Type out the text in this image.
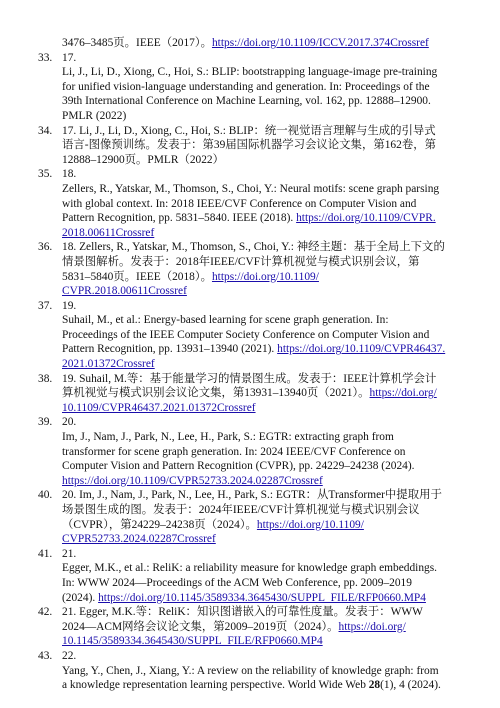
3476–3485页。IEEE（2017）。https://doi.org/10.1109/ICCV.2017.374Crossref
33. 17.
Li, J., Li, D., Xiong, C., Hoi, S.: BLIP: bootstrapping language-image pre-training
for unified vision-language understanding and generation. In: Proceedings of the
39th International Conference on Machine Learning, vol. 162, pp. 12888–12900.
PMLR (2022)
34. 17. Li, J., Li, D., Xiong, C., Hoi, S.: BLIP：统一视觉语言理解与生成的引导式
语言-图像预训练。发表于：第39届国际机器学习会议论文集，第162卷，第
12888–12900页。PMLR（2022）
35. 18.
Zellers, R., Yatskar, M., Thomson, S., Choi, Y.: Neural motifs: scene graph parsing
with global context. In: 2018 IEEE/CVF Conference on Computer Vision and
Pattern Recognition, pp. 5831–5840. IEEE (2018). https://doi.org/10.1109/CVPR.
2018.00611Crossref
36. 18. Zellers, R., Yatskar, M., Thomson, S., Choi, Y.: 神经主题：基于全局上下文的
情景图解析。发表于：2018年IEEE/CVF计算机视觉与模式识别会议，第
5831–5840页。IEEE（2018）。https://doi.org/10.1109/
CVPR.2018.00611Crossref
37. 19.
Suhail, M., et al.: Energy-based learning for scene graph generation. In:
Proceedings of the IEEE Computer Society Conference on Computer Vision and
Pattern Recognition, pp. 13931–13940 (2021). https://doi.org/10.1109/CVPR46437.
2021.01372Crossref
38. 19. Suhail, M.等：基于能量学习的情景图生成。发表于：IEEE计算机学会计
算机视觉与模式识别会议论文集，第13931–13940页（2021）。https://doi.org/
10.1109/CVPR46437.2021.01372Crossref
39. 20.
Im, J., Nam, J., Park, N., Lee, H., Park, S.: EGTR: extracting graph from
transformer for scene graph generation. In: 2024 IEEE/CVF Conference on
Computer Vision and Pattern Recognition (CVPR), pp. 24229–24238 (2024).
https://doi.org/10.1109/CVPR52733.2024.02287Crossref
40. 20. Im, J., Nam, J., Park, N., Lee, H., Park, S.: EGTR：从Transformer中提取用于
场景图生成的图。发表于：2024年IEEE/CVF计算机视觉与模式识别会议
（CVPR），第24229–24238页（2024）。https://doi.org/10.1109/
CVPR52733.2024.02287Crossref
41. 21.
Egger, M.K., et al.: ReliK: a reliability measure for knowledge graph embeddings.
In: WWW 2024—Proceedings of the ACM Web Conference, pp. 2009–2019
(2024). https://doi.org/10.1145/3589334.3645430/SUPPL_FILE/RFP0660.MP4
42. 21. Egger, M.K.等：ReliK：知识图谱嵌入的可靠性度量。发表于：WWW
2024—ACM网络会议论文集，第2009–2019页（2024）。https://doi.org/
10.1145/3589334.3645430/SUPPL_FILE/RFP0660.MP4
43. 22.
Yang, Y., Chen, J., Xiang, Y.: A review on the reliability of knowledge graph: from
a knowledge representation learning perspective. World Wide Web 28(1), 4 (2024).
